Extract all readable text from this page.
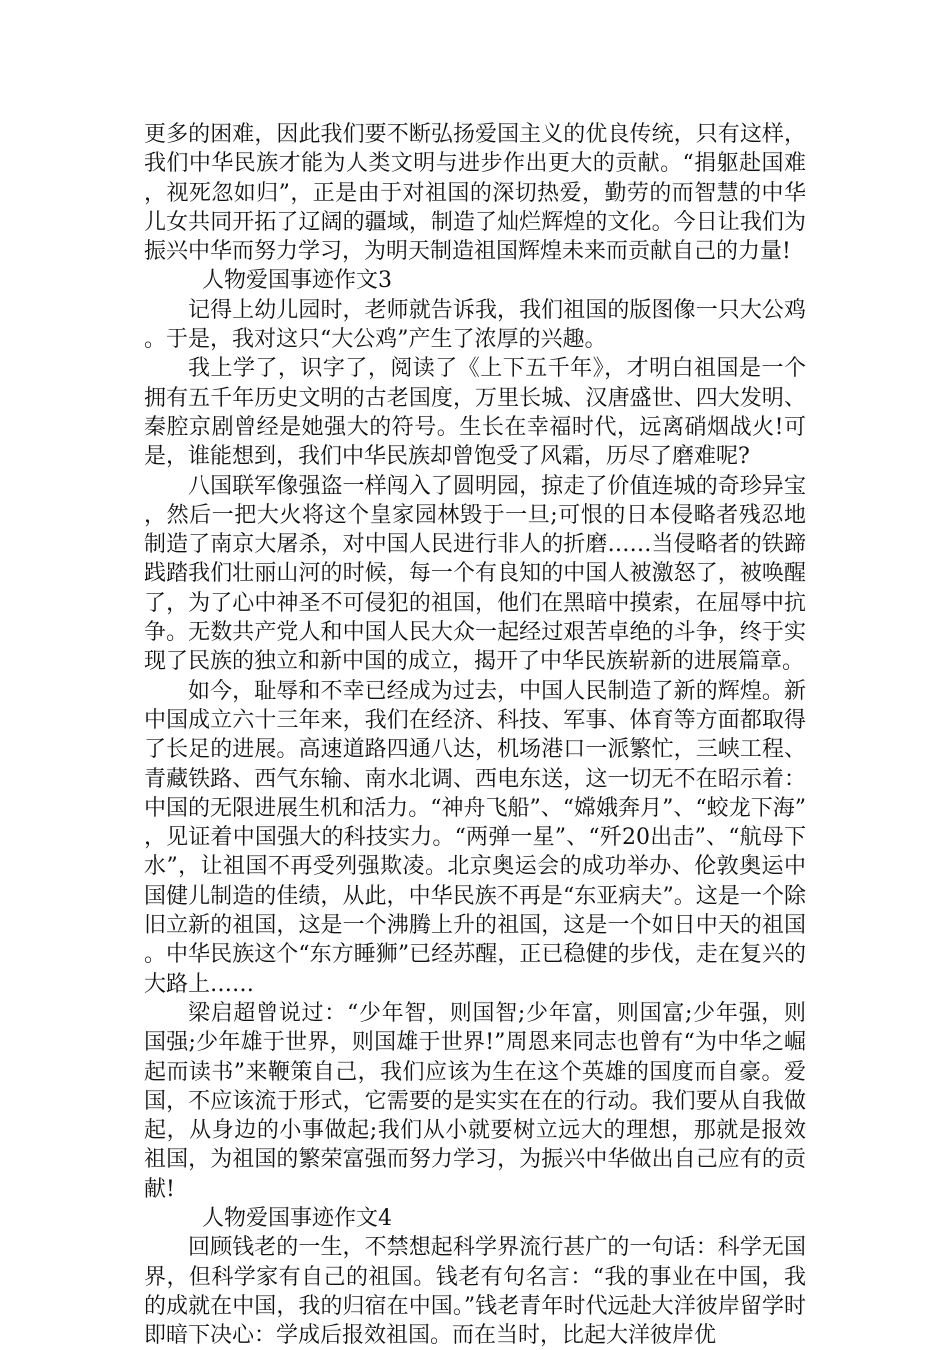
更多的困难，因此我们要不断弘扬爱国主义的优良传统，只有这样，我们中华民族才能为人类文明与进步作出更大的贡献。“捐躯赴国难，视死忽如归”，正是由于对祖国的深切热爱，勤劳的而智慧的中华儿女共同开拓了辽阔的疆域，制造了灿烂辉煌的文化。今日让我们为振兴中华而努力学习，为明天制造祖国辉煌未来而贡献自己的力量!

人物爱国事迹作文3

记得上幼儿园时，老师就告诉我，我们祖国的版图像一只大公鸡。于是，我对这只“大公鸡”产生了浓厚的兴趣。

我上学了，识字了，阅读了《上下五千年》，才明白祖国是一个拥有五千年历史文明的古老国度，万里长城、汉唐盛世、四大发明、秦腔京剧曾经是她强大的符号。生长在幸福时代，远离硝烟战火!可是，谁能想到，我们中华民族却曾饱受了风霜，历尽了磨难呢?

八国联军像强盗一样闯入了圆明园，掠走了价值连城的奇珍异宝，然后一把大火将这个皇家园林毁于一旦;可恨的日本侵略者残忍地制造了南京大屠杀，对中国人民进行非人的折磨……当侵略者的铁蹄践踏我们壮丽山河的时候，每一个有良知的中国人被激怒了，被唤醒了，为了心中神圣不可侵犯的祖国，他们在黑暗中摸索，在屈辱中抗争。无数共产党人和中国人民大众一起经过艰苦卓绝的斗争，终于实现了民族的独立和新中国的成立，揭开了中华民族崭新的进展篇章。

如今，耻辱和不幸已经成为过去，中国人民制造了新的辉煌。新中国成立六十三年来，我们在经济、科技、军事、体育等方面都取得了长足的进展。高速道路四通八达，机场港口一派繁忙，三峡工程、青藏铁路、西气东输、南水北调、西电东送，这一切无不在昭示着：中国的无限进展生机和活力。“神舟飞船”、“嫦娥奔月”、“蛟龙下海”，见证着中国强大的科技实力。“两弹一星”、“歼20出击”、“航母下水”，让祖国不再受列强欺凌。北京奥运会的成功举办、伦敦奥运中国健儿制造的佳绩，从此，中华民族不再是“东亚病夫”。这是一个除旧立新的祖国，这是一个沸腾上升的祖国，这是一个如日中天的祖国。中华民族这个“东方睡狮”已经苏醒，正已稳健的步伐，走在复兴的大路上……

梁启超曾说过：“少年智，则国智;少年富，则国富;少年强，则国强;少年雄于世界，则国雄于世界!”周恩来同志也曾有“为中华之崛起而读书”来鞭策自己，我们应该为生在这个英雄的国度而自豪。爱国，不应该流于形式，它需要的是实实在在的行动。我们要从自我做起，从身边的小事做起;我们从小就要树立远大的理想，那就是报效祖国，为祖国的繁荣富强而努力学习，为振兴中华做出自己应有的贡献!

人物爱国事迹作文4

回顾钱老的一生，不禁想起科学界流行甚广的一句话：科学无国界，但科学家有自己的祖国。钱老有句名言：“我的事业在中国，我的成就在中国，我的归宿在中国。”钱老青年时代远赴大洋彼岸留学时即暗下决心：学成后报效祖国。而在当时，比起大洋彼岸优
